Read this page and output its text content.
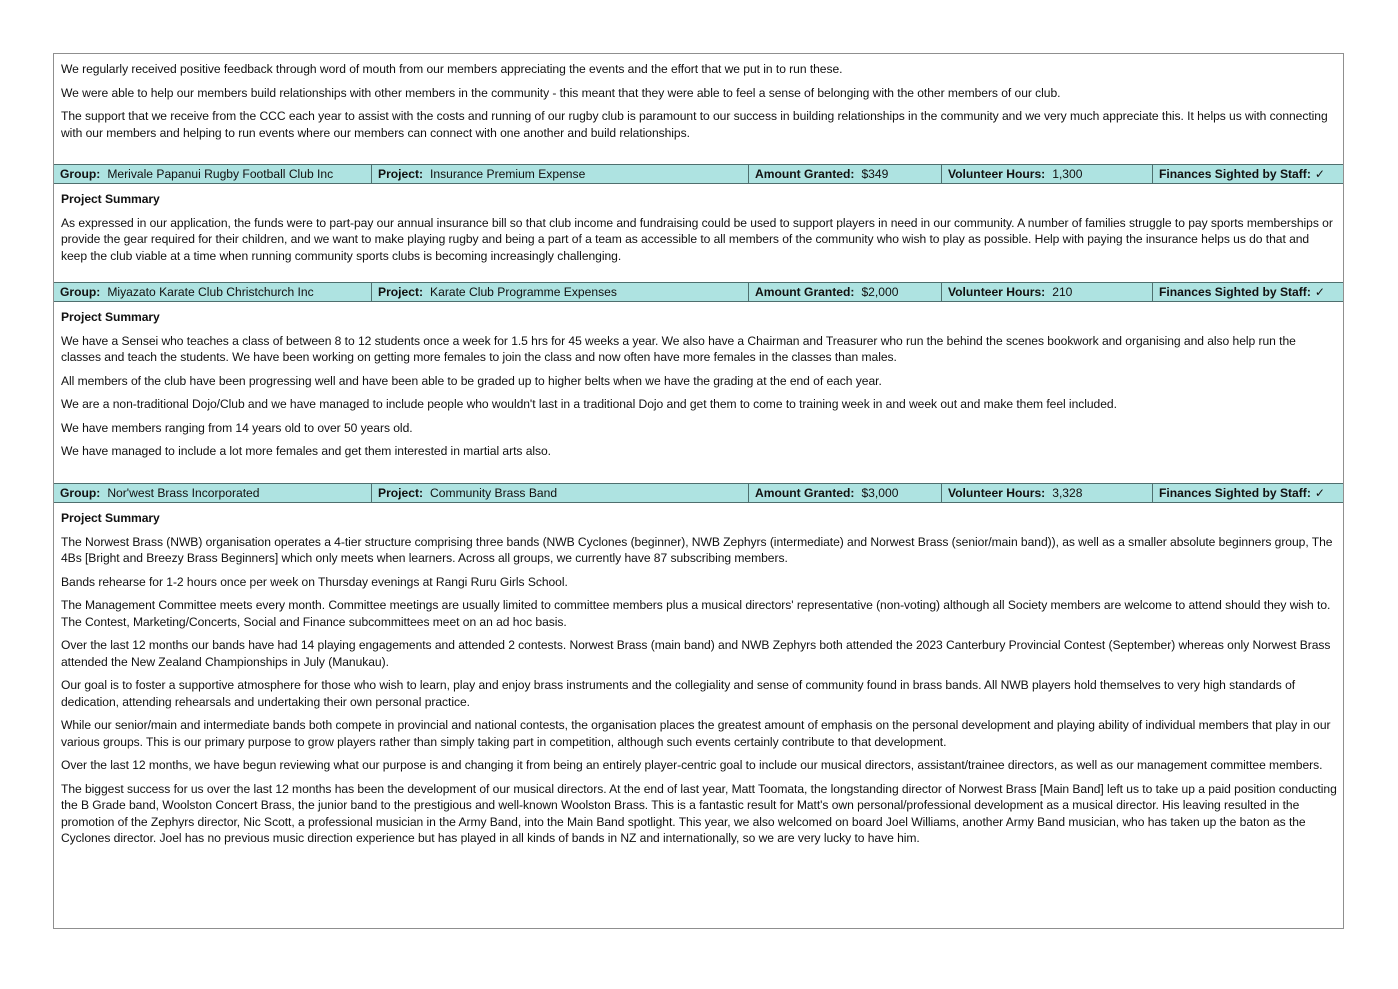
We regularly received positive feedback through word of mouth from our members appreciating the events and the effort that we put in to run these.

We were able to help our members build relationships with other members in the community - this meant that they were able to feel a sense of belonging with the other members of our club.

The support that we receive from the CCC each year to assist with the costs and running of our rugby club is paramount to our success in building relationships in the community and we very much appreciate this. It helps us with connecting with our members and helping to run events where our members can connect with one another and build relationships.

Group: Merivale Papanui Rugby Football Club Inc	Project: Insurance Premium Expense	Amount Granted: $349	Volunteer Hours: 1,300	Finances Sighted by Staff: ✓

Project Summary

As expressed in our application, the funds were to part-pay our annual insurance bill so that club income and fundraising could be used to support players in need in our community. A number of families struggle to pay sports memberships or provide the gear required for their children, and we want to make playing rugby and being a part of a team as accessible to all members of the community who wish to play as possible. Help with paying the insurance helps us do that and keep the club viable at a time when running community sports clubs is becoming increasingly challenging.

Group: Miyazato Karate Club Christchurch Inc	Project: Karate Club Programme Expenses	Amount Granted: $2,000	Volunteer Hours: 210	Finances Sighted by Staff: ✓

Project Summary

We have a Sensei who teaches a class of between 8 to 12 students once a week for 1.5 hrs for 45 weeks a year. We also have a Chairman and Treasurer who run the behind the scenes bookwork and organising and also help run the classes and teach the students. We have been working on getting more females to join the class and now often have more females in the classes than males.

All members of the club have been progressing well and have been able to be graded up to higher belts when we have the grading at the end of each year.

We are a non-traditional Dojo/Club and we have managed to include people who wouldn't last in a traditional Dojo and get them to come to training week in and week out and make them feel included.

We have members ranging from 14 years old to over 50 years old.

We have managed to include a lot more females and get them interested in martial arts also.

Group: Nor'west Brass Incorporated	Project: Community Brass Band	Amount Granted: $3,000	Volunteer Hours: 3,328	Finances Sighted by Staff: ✓

Project Summary

The Norwest Brass (NWB) organisation operates a 4-tier structure comprising three bands (NWB Cyclones (beginner), NWB Zephyrs (intermediate) and Norwest Brass (senior/main band)), as well as a smaller absolute beginners group, The 4Bs [Bright and Breezy Brass Beginners] which only meets when learners. Across all groups, we currently have 87 subscribing members.

Bands rehearse for 1-2 hours once per week on Thursday evenings at Rangi Ruru Girls School.

The Management Committee meets every month. Committee meetings are usually limited to committee members plus a musical directors' representative (non-voting) although all Society members are welcome to attend should they wish to. The Contest, Marketing/Concerts, Social and Finance subcommittees meet on an ad hoc basis.

Over the last 12 months our bands have had 14 playing engagements and attended 2 contests. Norwest Brass (main band) and NWB Zephyrs both attended the 2023 Canterbury Provincial Contest (September) whereas only Norwest Brass attended the New Zealand Championships in July (Manukau).

Our goal is to foster a supportive atmosphere for those who wish to learn, play and enjoy brass instruments and the collegiality and sense of community found in brass bands. All NWB players hold themselves to very high standards of dedication, attending rehearsals and undertaking their own personal practice.

While our senior/main and intermediate bands both compete in provincial and national contests, the organisation places the greatest amount of emphasis on the personal development and playing ability of individual members that play in our various groups. This is our primary purpose to grow players rather than simply taking part in competition, although such events certainly contribute to that development.

Over the last 12 months, we have begun reviewing what our purpose is and changing it from being an entirely player-centric goal to include our musical directors, assistant/trainee directors, as well as our management committee members.

The biggest success for us over the last 12 months has been the development of our musical directors. At the end of last year, Matt Toomata, the longstanding director of Norwest Brass [Main Band] left us to take up a paid position conducting the B Grade band, Woolston Concert Brass, the junior band to the prestigious and well-known Woolston Brass. This is a fantastic result for Matt's own personal/professional development as a musical director. His leaving resulted in the promotion of the Zephyrs director, Nic Scott, a professional musician in the Army Band, into the Main Band spotlight. This year, we also welcomed on board Joel Williams, another Army Band musician, who has taken up the baton as the Cyclones director. Joel has no previous music direction experience but has played in all kinds of bands in NZ and internationally, so we are very lucky to have him.
